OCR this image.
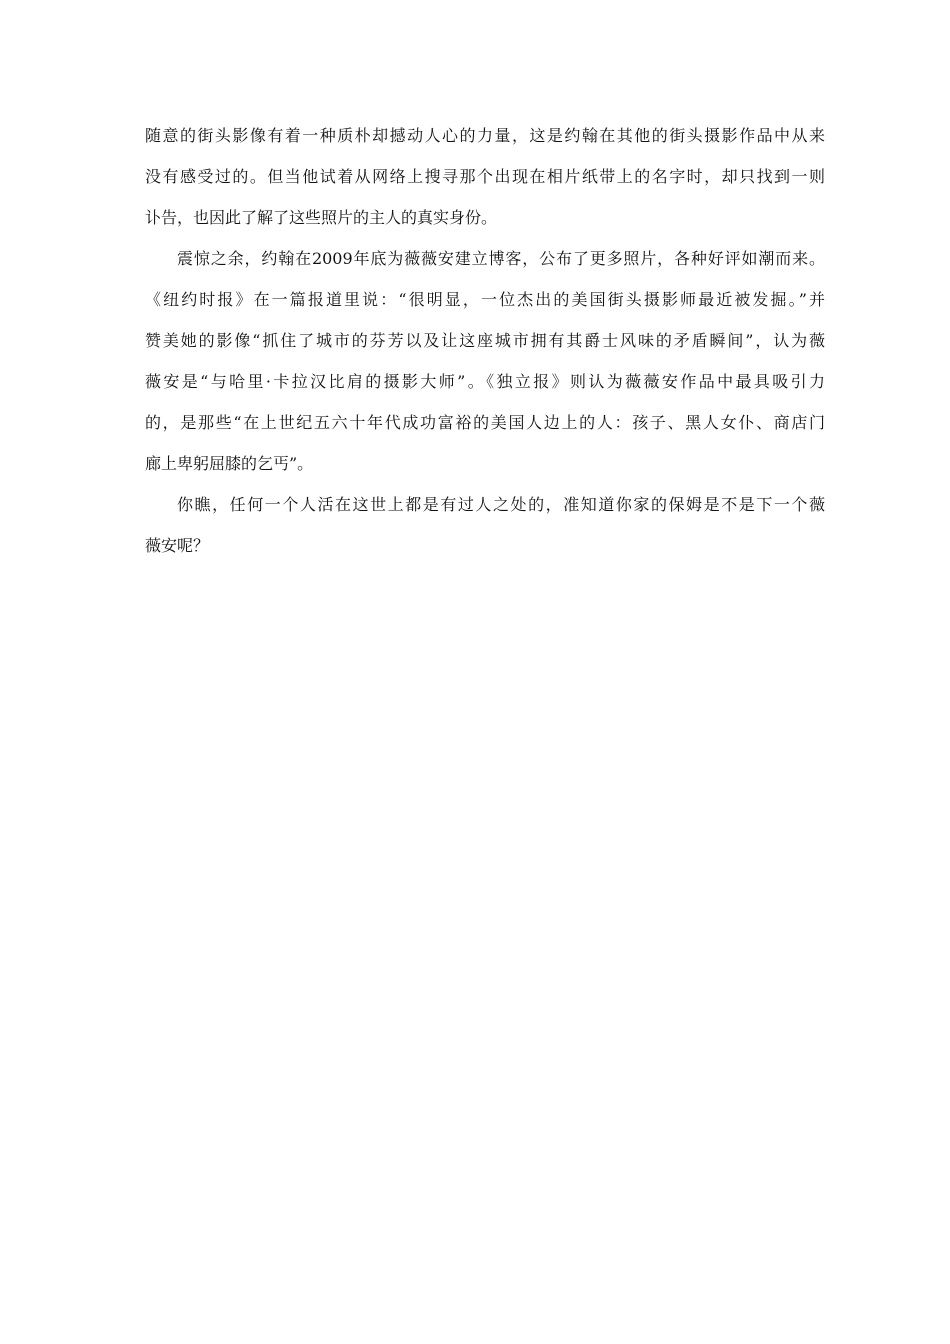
随意的街头影像有着一种质朴却撼动人心的力量，这是约翰在其他的街头摄影作品中从来
没有感受过的。但当他试着从网络上搜寻那个出现在相片纸带上的名字时，却只找到一则
讣告，也因此了解了这些照片的主人的真实身份。
震惊之余，约翰在2009年底为薇薇安建立博客，公布了更多照片，各种好评如潮而来。
《纽约时报》在一篇报道里说：“很明显，一位杰出的美国街头摄影师最近被发掘。”并
赞美她的影像“抓住了城市的芬芳以及让这座城市拥有其爵士风味的矛盾瞬间”，认为薇
薇安是“与哈里·卡拉汉比肩的摄影大师”。《独立报》则认为薇薇安作品中最具吸引力
的，是那些“在上世纪五六十年代成功富裕的美国人边上的人：孩子、黑人女仆、商店门
廊上卑躬屈膝的乞丐”。
你瞧，任何一个人活在这世上都是有过人之处的，准知道你家的保姆是不是下一个薇
薇安呢？
